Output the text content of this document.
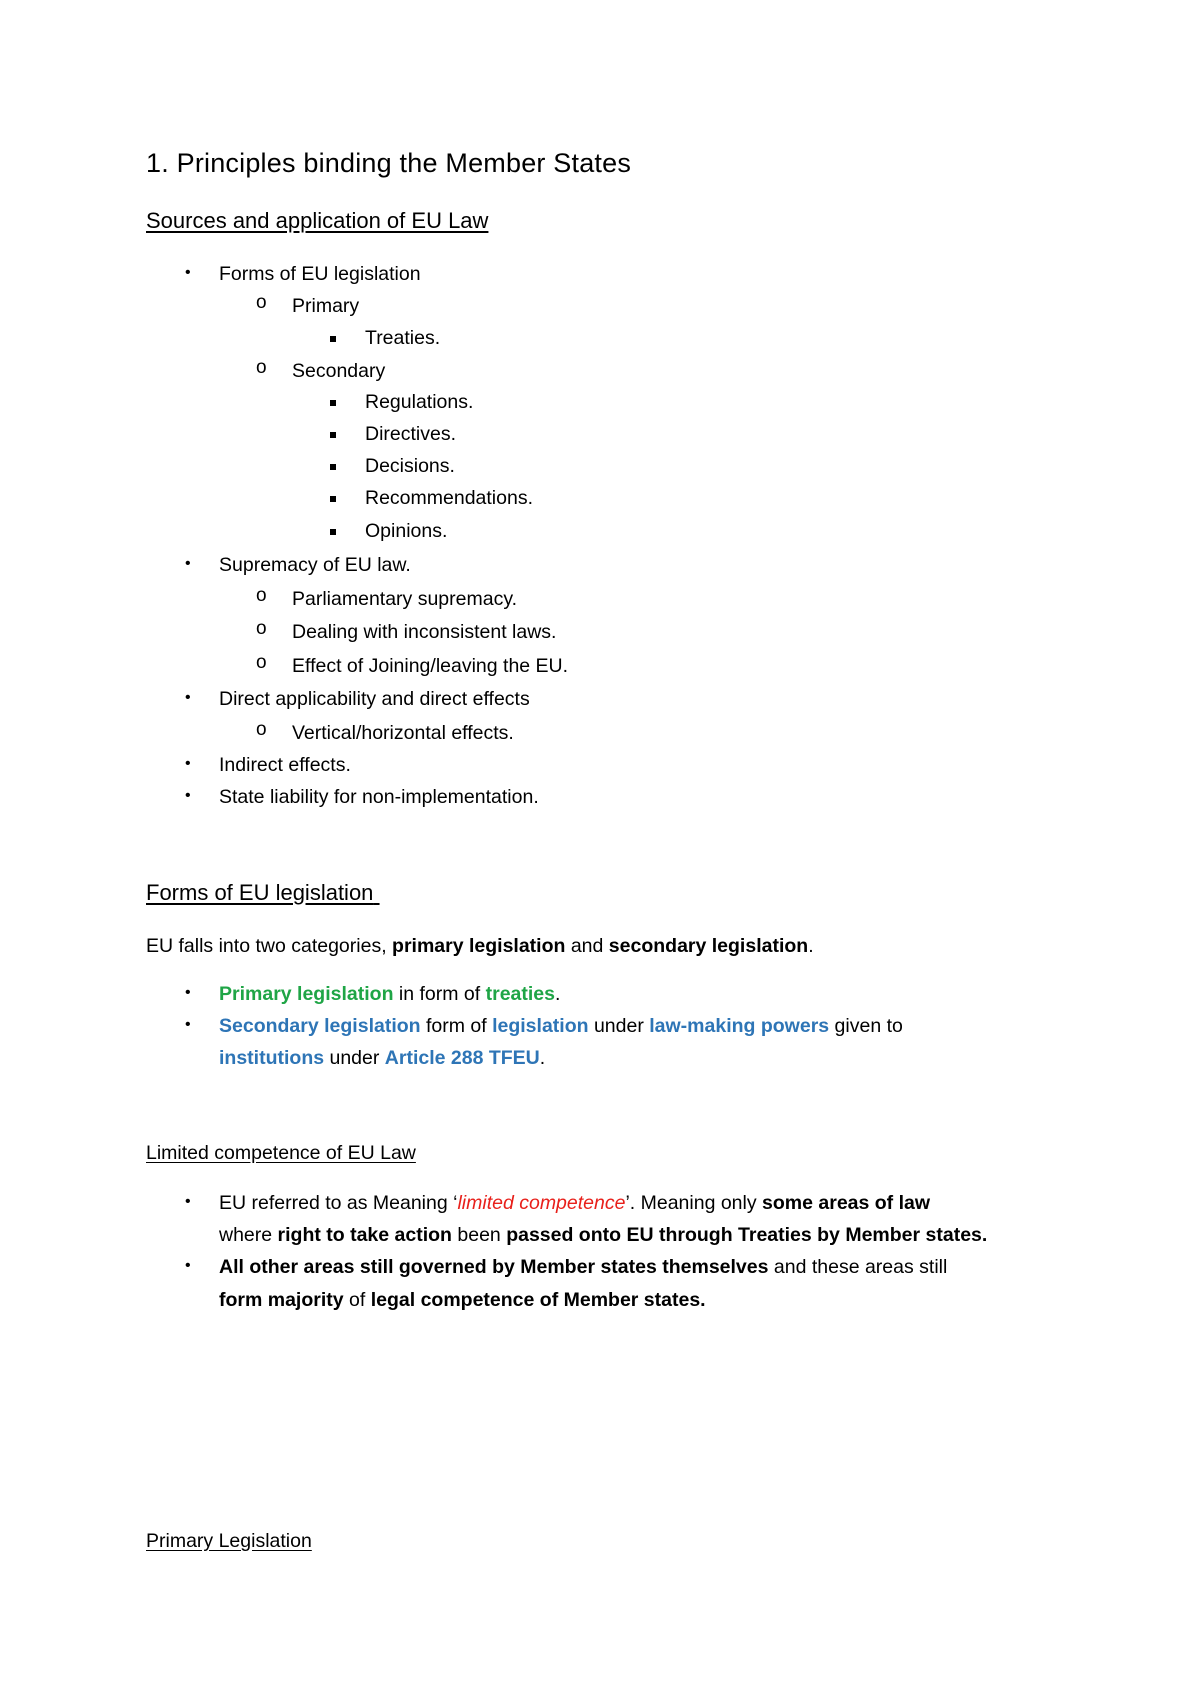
1. Principles binding the Member States
Sources and application of EU Law
• Forms of EU legislation
o Primary
Treaties.
o Secondary
Regulations.
Directives.
Decisions.
Recommendations.
Opinions.
• Supremacy of EU law.
o Parliamentary supremacy.
o Dealing with inconsistent laws.
o Effect of Joining/leaving the EU.
• Direct applicability and direct effects
o Vertical/horizontal effects.
• Indirect effects.
• State liability for non-implementation.
Forms of EU legislation
EU falls into two categories, primary legislation and secondary legislation.
• Primary legislation in form of treaties.
• Secondary legislation form of legislation under law-making powers given to
institutions under Article 288 TFEU.
Limited competence of EU Law
• EU referred to as Meaning ‘limited competence’. Meaning only some areas of law
where right to take action been passed onto EU through Treaties by Member states.
• All other areas still governed by Member states themselves and these areas still
form majority of legal competence of Member states.
Primary Legislation
